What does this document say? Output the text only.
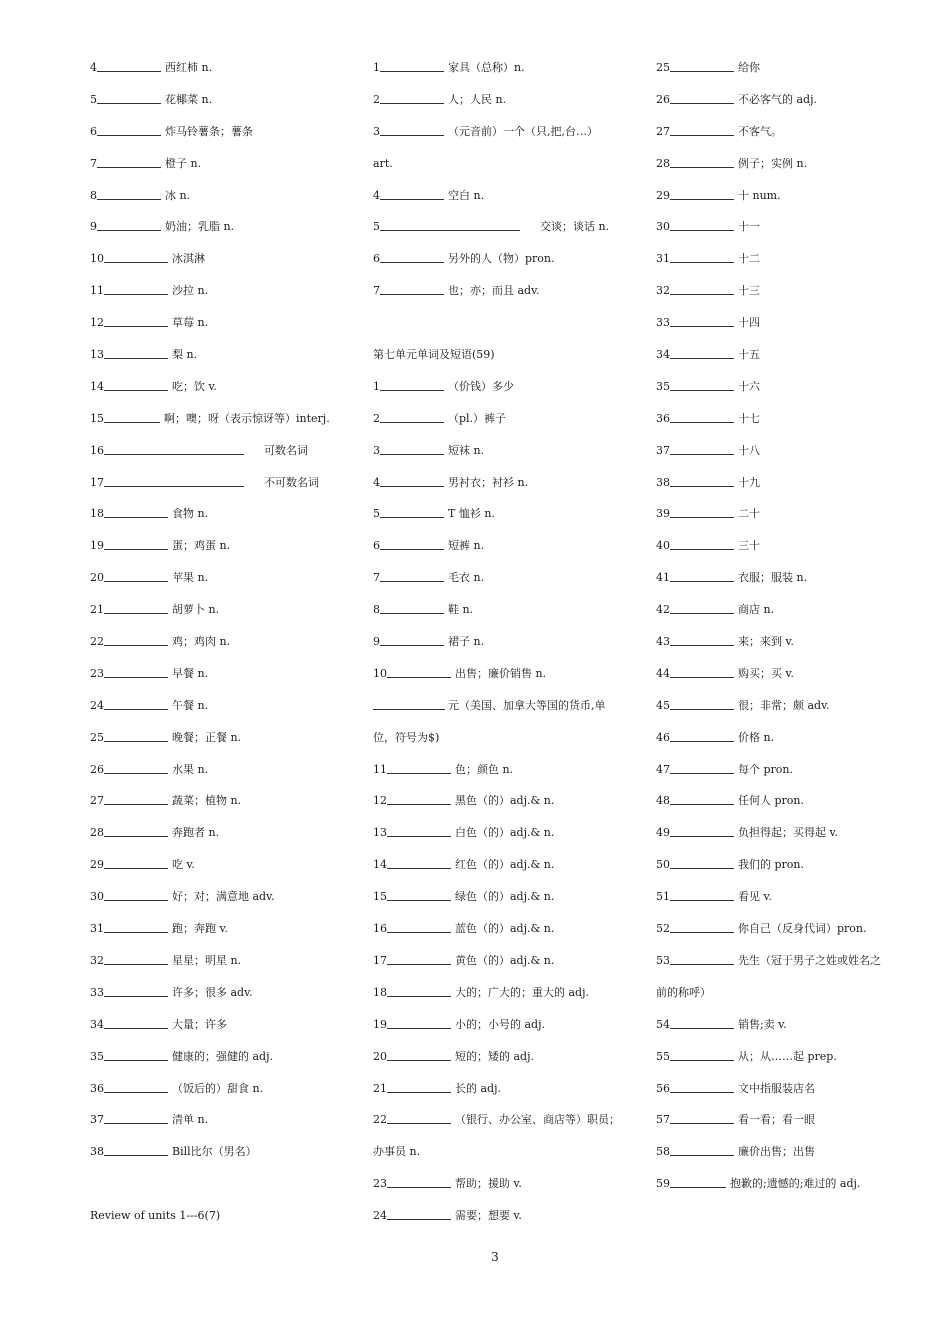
4	西红柿 n.
5	花椰菜 n.
6	炸马铃薯条；薯条
7	橙子 n.
8	冰 n.
9	奶油；乳脂 n.
10	冰淇淋
11	沙拉 n.
12	草莓 n.
13	梨 n.
14	吃；饮 v.
15	啊；噢；呀（表示惊讶等）interj.
16	可数名词
17	不可数名词
18	食物 n.
19	蛋；鸡蛋 n.
20	苹果 n.
21	胡萝卜 n.
22	鸡；鸡肉 n.
23	早餐 n.
24	午餐 n.
25	晚餐；正餐 n.
26	水果 n.
27	蔬菜；植物 n.
28	奔跑者 n.
29	吃 v.
30	好；对；满意地 adv.
31	跑；奔跑 v.
32	星星；明星 n.
33	许多；很多 adv.
34	大量；许多
35	健康的；强健的 adj.
36	（饭后的）甜食 n.
37	清单 n.
38	Bill比尔（男名）
Review of units 1---6(7)
1	家具（总称）n.
2	人；人民 n.
3	（元音前）一个（只,把,台…）
art.
4	空白 n.
5	交谈；谈话 n.
6	另外的人（物）pron.
7	也；亦；而且 adv.
第七单元单词及短语(59)
1	（价钱）多少
2	（pl.）裤子
3	短袜 n.
4	男衬衣；衬衫 n.
5	T 恤衫 n.
6	短裤 n.
7	毛衣 n.
8	鞋 n.
9	裙子 n.
10	出售；廉价销售 n.
元（美国、加拿大等国的货币,单
位，符号为$)
11	色；颜色 n.
12	黑色（的）adj.& n.
13	白色（的）adj.& n.
14	红色（的）adj.& n.
15	绿色（的）adj.& n.
16	蓝色（的）adj.& n.
17	黄色（的）adj.& n.
18	大的；广大的；重大的 adj.
19	小的；小号的 adj.
20	短的；矮的 adj.
21	长的 adj.
22	（银行、办公室、商店等）职员；
办事员 n.
23	帮助；援助 v.
24	需要；想要 v.
25	给你
26	不必客气的 adj.
27	不客气。
28	例子；实例 n.
29	十 num.
30	十一
31	十二
32	十三
33	十四
34	十五
35	十六
36	十七
37	十八
38	十九
39	二十
40	三十
41	衣服；服装 n.
42	商店 n.
43	来；来到 v.
44	购买；买 v.
45	很；非常；颇 adv.
46	价格 n.
47	每个 pron.
48	任何人 pron.
49	负担得起；买得起 v.
50	我们的 pron.
51	看见 v.
52	你自己（反身代词）pron.
53	先生（冠于男子之姓或姓名之
前的称呼）
54	销售;卖 v.
55	从；从……起 prep.
56	文中指服装店名
57	看一看；看一眼
58	廉价出售；出售
59	抱歉的;遗憾的;难过的 adj.
3
